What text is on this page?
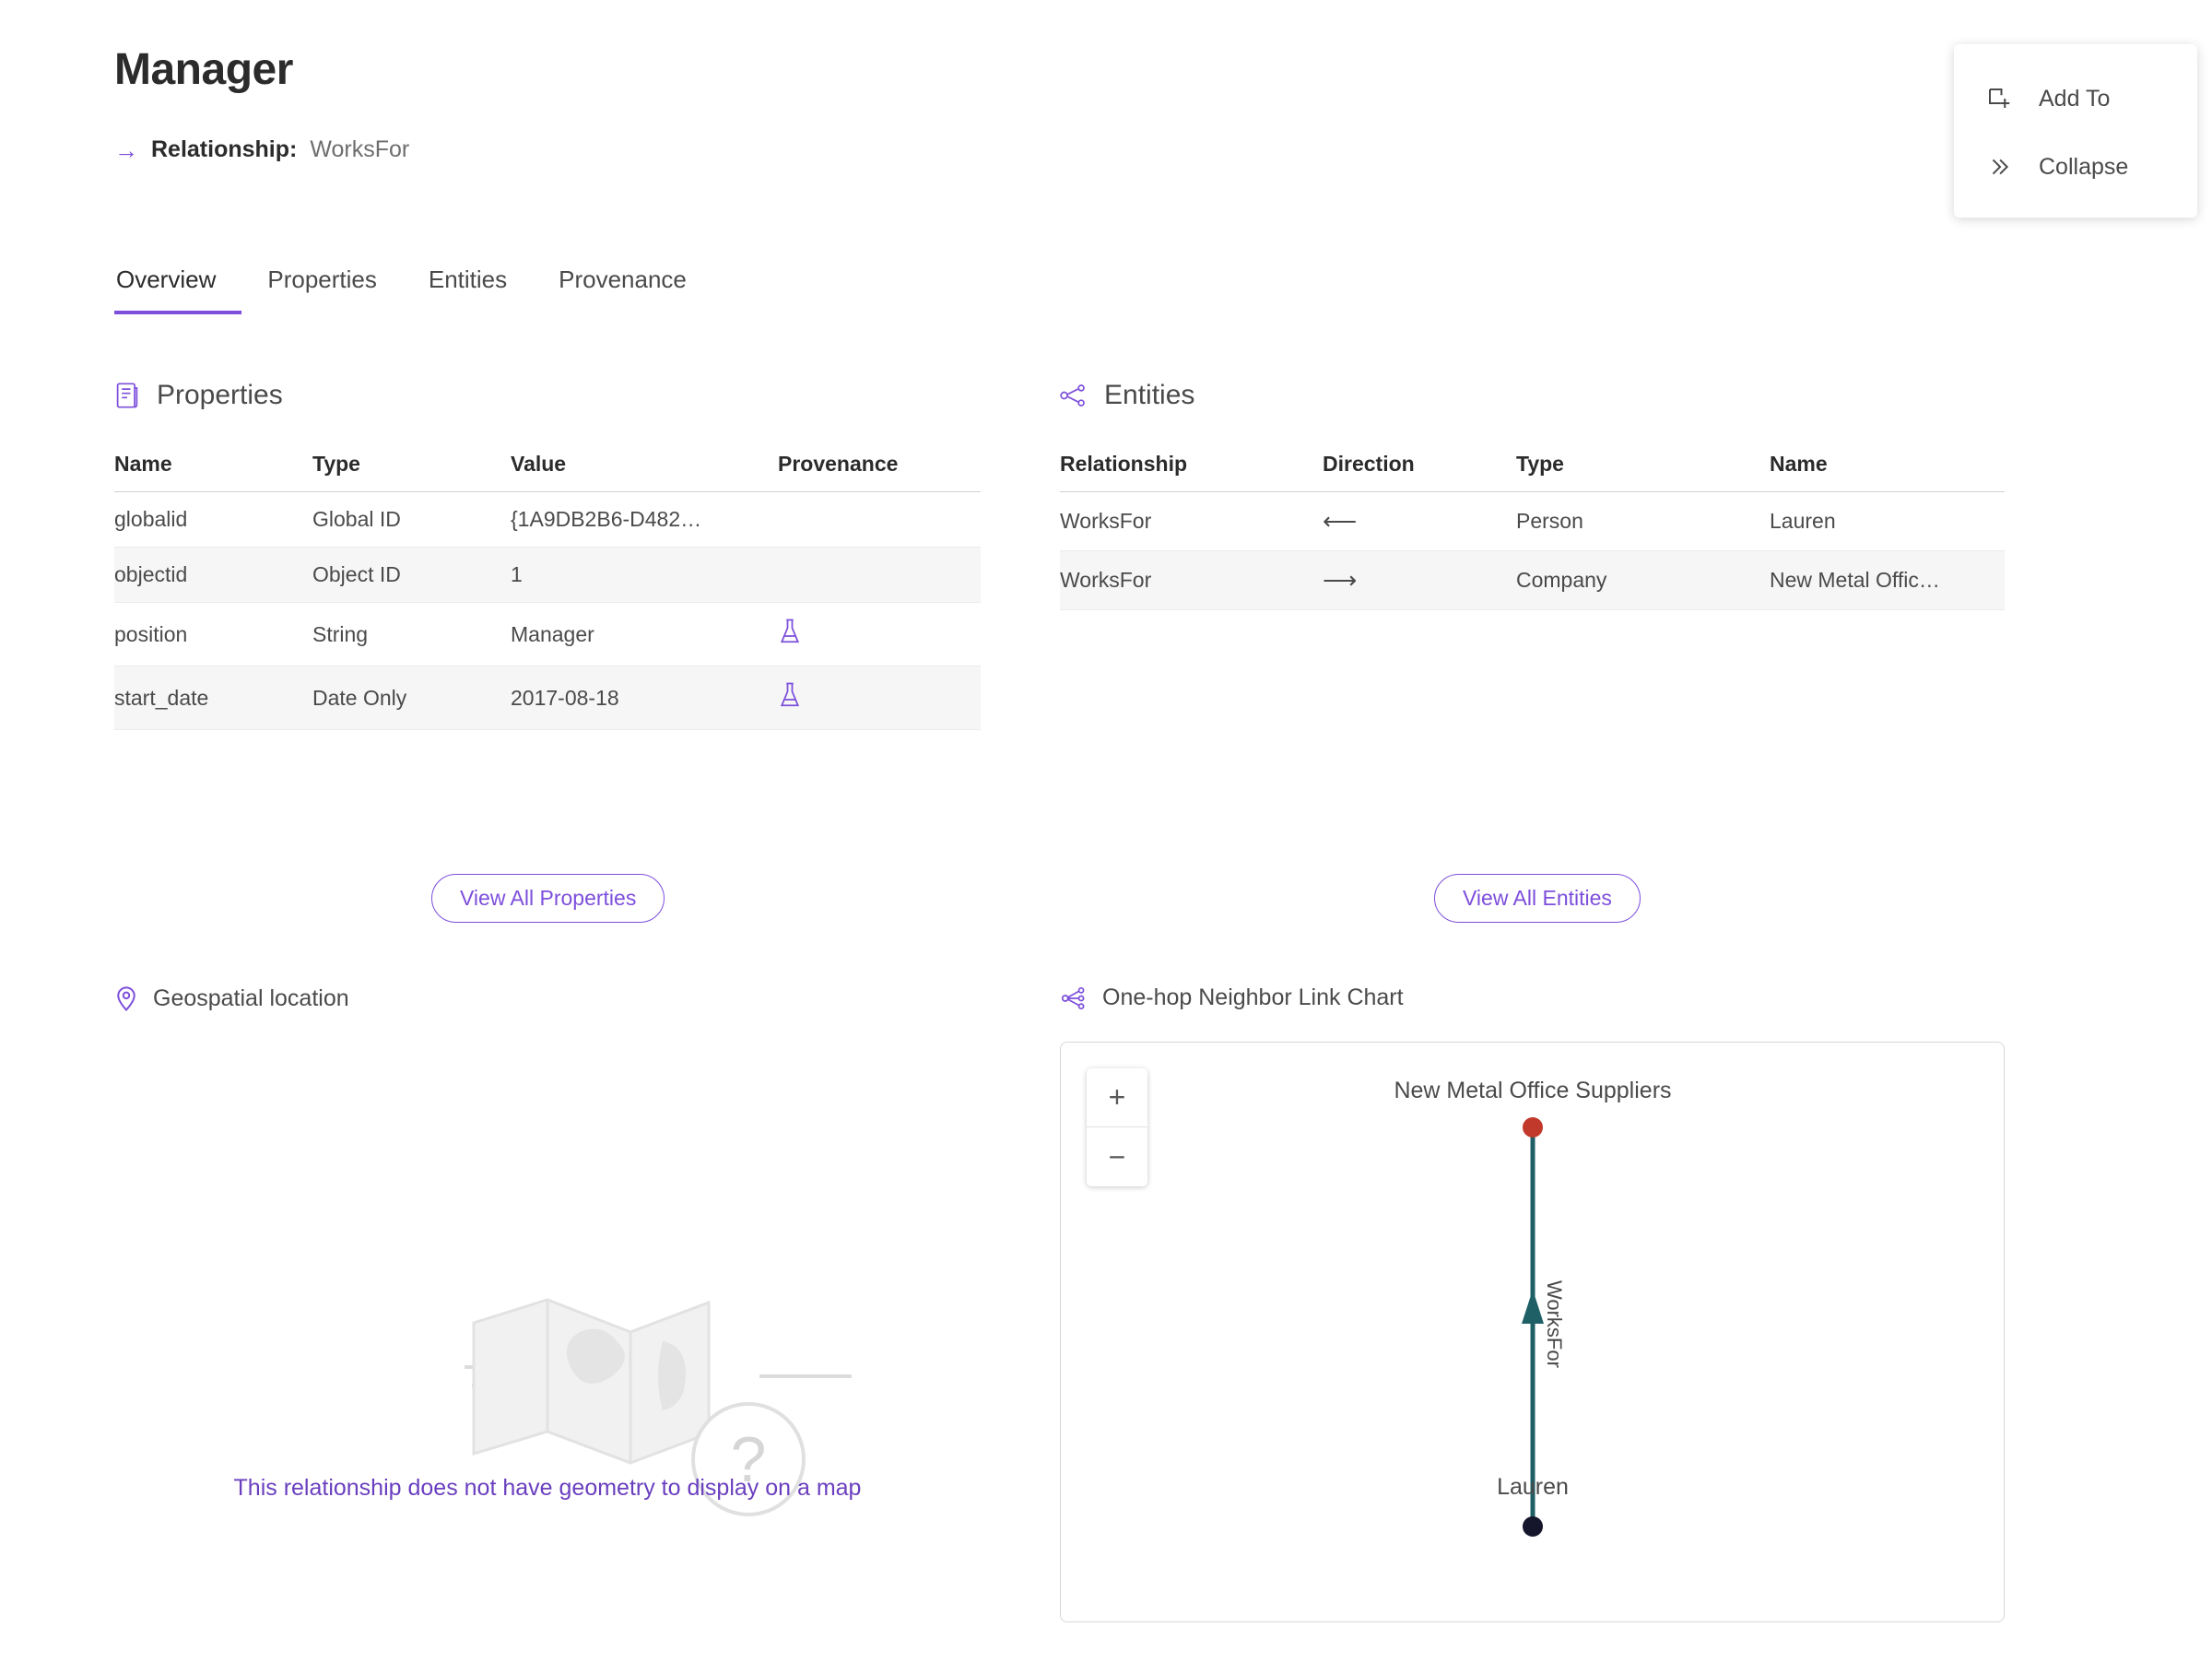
Manager
→ Relationship: WorksFor
Add To
Collapse
Overview	Properties	Entities	Provenance
Properties
Name	Type	Value	Provenance
globalid	Global ID	{1A9DB2B6-D482…	
objectid	Object ID	1	
position	String	Manager	
start_date	Date Only	2017-08-18	
View All Properties
Entities
Relationship	Direction	Type	Name
WorksFor	⟵	Person	Lauren
WorksFor	⟶	Company	New Metal Offic…
View All Entities
Geospatial location
?
This relationship does not have geometry to display on a map
One-hop Neighbor Link Chart
+
−
New Metal Office Suppliers
Lauren
WorksFor
